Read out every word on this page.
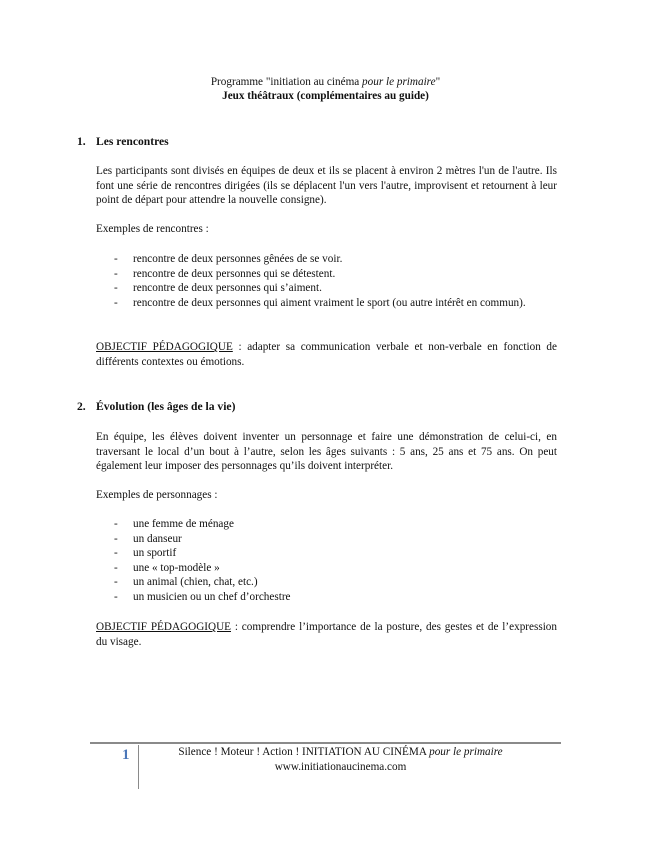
Programme "initiation au cinéma pour le primaire"
Jeux théâtraux (complémentaires au guide)
1. Les rencontres

Les participants sont divisés en équipes de deux et ils se placent à environ 2 mètres l'un de l'autre. Ils font une série de rencontres dirigées (ils se déplacent l'un vers l'autre, improvisent et retournent à leur point de départ pour attendre la nouvelle consigne).

Exemples de rencontres :

-	rencontre de deux personnes gênées de se voir.
-	rencontre de deux personnes qui se détestent.
-	rencontre de deux personnes qui s’aiment.
-	rencontre de deux personnes qui aiment vraiment le sport (ou autre intérêt en commun).

OBJECTIF PÉDAGOGIQUE : adapter sa communication verbale et non-verbale en fonction de différents contextes ou émotions.

2. Évolution (les âges de la vie)

En équipe, les élèves doivent inventer un personnage et faire une démonstration de celui-ci, en traversant le local d’un bout à l’autre, selon les âges suivants : 5 ans, 25 ans et 75 ans. On peut également leur imposer des personnages qu’ils doivent interpréter.

Exemples de personnages :

-	une femme de ménage
-	un danseur
-	un sportif
-	une « top-modèle »
-	un animal (chien, chat, etc.)
-	un musicien ou un chef d’orchestre

OBJECTIF PÉDAGOGIQUE : comprendre l’importance de la posture, des gestes et de l’expression du visage.

1	Silence ! Moteur ! Action ! INITIATION AU CINÉMA pour le primaire
www.initiationaucinema.com
